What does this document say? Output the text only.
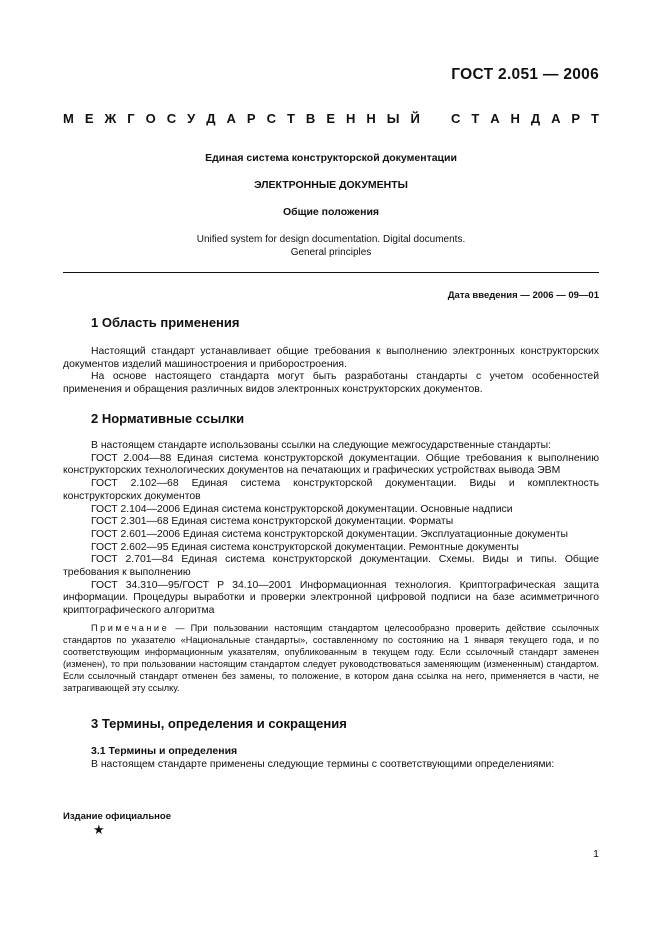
ГОСТ 2.051 — 2006
М Е Ж Г О С У Д А Р С Т В Е Н Н Ы Й С Т А Н Д А Р Т
Единая система конструкторской документации
ЭЛЕКТРОННЫЕ ДОКУМЕНТЫ
Общие положения
Unified system for design documentation. Digital documents.
General principles
Дата введения — 2006 — 09—01
1 Область применения

Настоящий стандарт устанавливает общие требования к выполнению электронных конструкторских документов изделий машиностроения и приборостроения.

На основе настоящего стандарта могут быть разработаны стандарты с учетом особенностей применения и обращения различных видов электронных конструкторских документов.

2 Нормативные ссылки

В настоящем стандарте использованы ссылки на следующие межгосударственные стандарты:

ГОСТ 2.004—88 Единая система конструкторской документации. Общие требования к выполнению конструкторских технологических документов на печатающих и графических устройствах вывода ЭВМ

ГОСТ 2.102—68 Единая система конструкторской документации. Виды и комплектность конструкторских документов

ГОСТ 2.104—2006 Единая система конструкторской документации. Основные надписи

ГОСТ 2.301—68 Единая система конструкторской документации. Форматы

ГОСТ 2.601—2006 Единая система конструкторской документации. Эксплуатационные документы

ГОСТ 2.602—95 Единая система конструкторской документации. Ремонтные документы

ГОСТ 2.701—84 Единая система конструкторской документации. Схемы. Виды и типы. Общие требования к выполнению

ГОСТ 34.310—95/ГОСТ Р 34.10—2001 Информационная технология. Криптографическая защита информации. Процедуры выработки и проверки электронной цифровой подписи на базе асимметричного криптографического алгоритма

Примечание — При пользовании настоящим стандартом целесообразно проверить действие ссылочных стандартов по указателю «Национальные стандарты», составленному по состоянию на 1 января текущего года, и по соответствующим информационным указателям, опубликованным в текущем году. Если ссылочный стандарт заменен (изменен), то при пользовании настоящим стандартом следует руководствоваться заменяющим (измененным) стандартом. Если ссылочный стандарт отменен без замены, то положение, в котором дана ссылка на него, применяется в части, не затрагивающей эту ссылку.

3 Термины, определения и сокращения
3.1 Термины и определения

В настоящем стандарте применены следующие термины с соответствующими определениями:

Издание официальное
★
1
